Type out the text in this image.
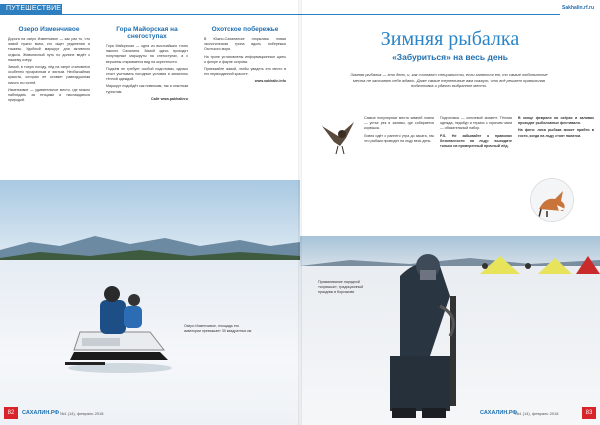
ПУТЕШЕСТВИЕ
Озеро Изменчивое

Дорога на озеро Изменчивое — как раз то, что зимой нужно всем, кто ищет уединения и тишины. Удобный маршрут для активного отдыха. Живописный путь по долине ведёт к нашему озеру.

Зимой, в тихую погоду, лёд на озере становится особенно прозрачным и чистым. Необычайная красота, которая не оставит равнодушным никого из гостей.

Изменчивое — удивительное место, где можно наблюдать за птицами и наслаждаться природой.

Гора Майорская на снегоступах

Гора Майорская — одна из высочайших точек южного Сахалина. Зимой здесь проходят популярные маршруты на снегоступах, а с вершины открывается вид на окрестности.

Подъём не требует особой подготовки, однако стоит учитывать погодные условия и запастись тёплой одеждой.

Маршрут подойдёт как новичкам, так и опытным туристам.

Сайт www.pakhalinru

Охотское побережье

В Южно-Сахалинске открылась новая экологическая тропа вдоль побережья Охотского моря.

На тропе установлены информационные щиты о флоре и фауне острова.

Приезжайте зимой, чтобы увидеть это место в его первозданной красоте.

www.sakhalin.info

Озеро Изменчивое, площадь его акватории превышает 30 квадратных км
82	САХАЛИН.РФ №1 (14), февраль 2018
Sakhalin.rf.ru
Зимняя рыбалка
«Забуриться» на весь день
Зимняя рыбалка — это дело, и, как считают специалисты, если заняться ею, то самые любопытные места не заставят себя ждать. Даже самые терпеливые вам скажут, что всё решает правильная подготовка и удачно выбранное место.

Самые популярные места зимней ловли — устье рек и заливы, где собирается корюшка.

Ловля идёт с раннего утра до заката, так что рыбаки проводят на льду весь день.

Подготовка — ключевой момент. Тёплая одежда, ледобур и термос с горячим чаем — обязательный набор.

Р.S. Не забывайте о правилах безопасности на льду: выходите только на проверенный прочный лёд.

В конце февраля на озёрах и заливах проходят рыболовные фестивали.

На фото: лиса рыбака может прийти в гости, когда на льду стоят палатки.

Приманивание нарядной «корюшки», традиционный праздник в Корсакове
САХАЛИН.РФ
№1 (14), февраль 2018	83
